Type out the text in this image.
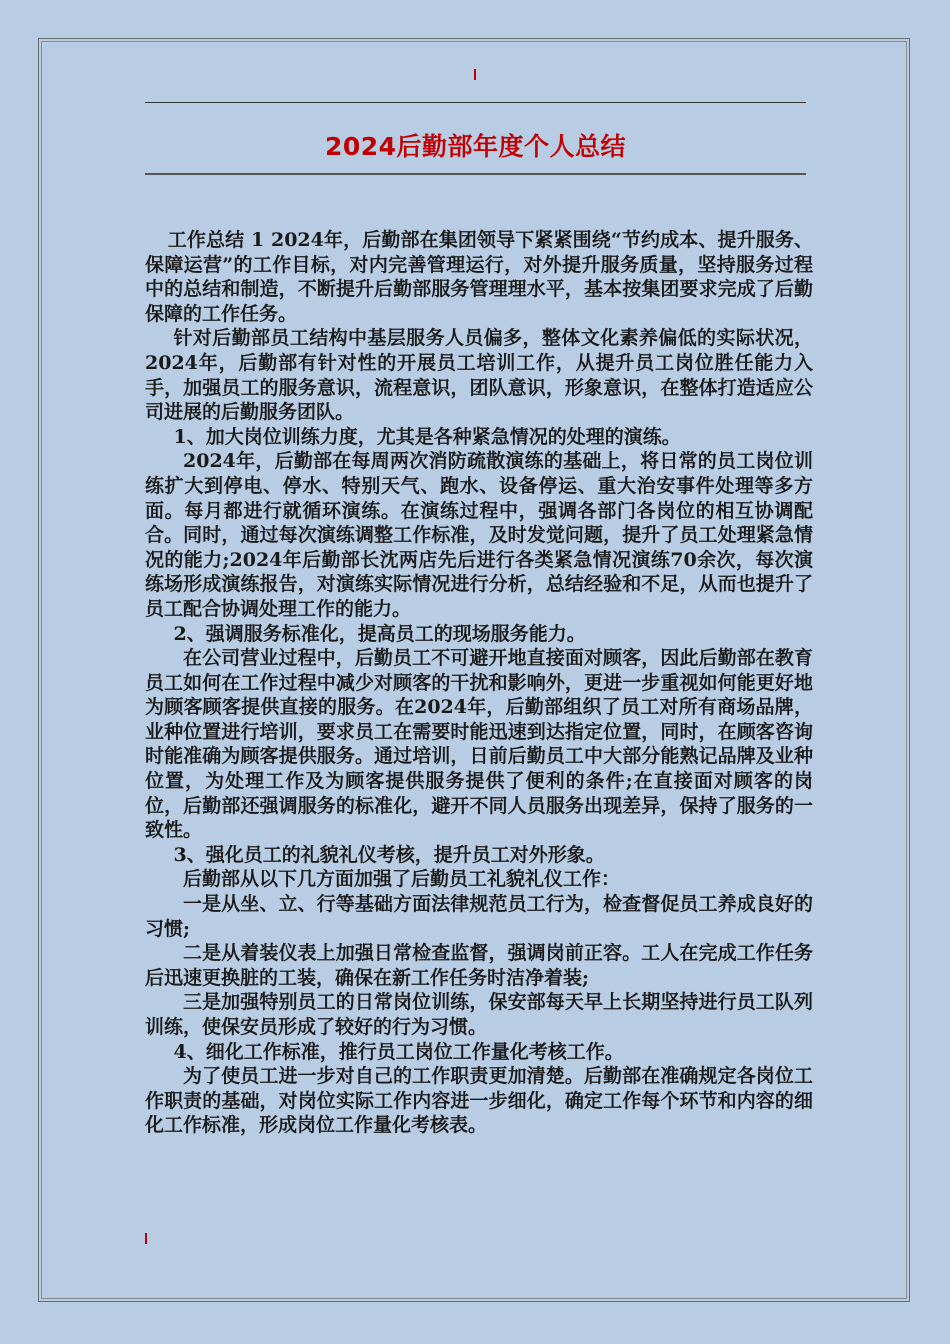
2024后勤部年度个人总结

工作总结 1 2024年，后勤部在集团领导下紧紧围绕“节约成本、提升服务、保障运营”的工作目标，对内完善管理运行，对外提升服务质量，坚持服务过程中的总结和制造，不断提升后勤部服务管理理水平，基本按集团要求完成了后勤保障的工作任务。

针对后勤部员工结构中基层服务人员偏多，整体文化素养偏低的实际状况，2024年，后勤部有针对性的开展员工培训工作，从提升员工岗位胜任能力入手，加强员工的服务意识，流程意识，团队意识，形象意识，在整体打造适应公司进展的后勤服务团队。

1、加大岗位训练力度，尤其是各种紧急情况的处理的演练。

2024年，后勤部在每周两次消防疏散演练的基础上，将日常的员工岗位训练扩大到停电、停水、特别天气、跑水、设备停运、重大治安事件处理等多方面。每月都进行就循环演练。在演练过程中，强调各部门各岗位的相互协调配合。同时，通过每次演练调整工作标准，及时发觉问题，提升了员工处理紧急情况的能力;2024年后勤部长沈两店先后进行各类紧急情况演练70余次，每次演练场形成演练报告，对演练实际情况进行分析，总结经验和不足，从而也提升了员工配合协调处理工作的能力。

2、强调服务标准化，提高员工的现场服务能力。

在公司营业过程中，后勤员工不可避开地直接面对顾客，因此后勤部在教育员工如何在工作过程中减少对顾客的干扰和影响外，更进一步重视如何能更好地为顾客顾客提供直接的服务。在2024年，后勤部组织了员工对所有商场品牌，业种位置进行培训，要求员工在需要时能迅速到达指定位置，同时，在顾客咨询时能准确为顾客提供服务。通过培训，日前后勤员工中大部分能熟记品牌及业种位置，为处理工作及为顾客提供服务提供了便利的条件;在直接面对顾客的岗位，后勤部还强调服务的标准化，避开不同人员服务出现差异，保持了服务的一致性。

3、强化员工的礼貌礼仪考核，提升员工对外形象。

后勤部从以下几方面加强了后勤员工礼貌礼仪工作：

一是从坐、立、行等基础方面法律规范员工行为，检查督促员工养成良好的习惯;

二是从着装仪表上加强日常检查监督，强调岗前正容。工人在完成工作任务后迅速更换脏的工装，确保在新工作任务时洁净着装;

三是加强特别员工的日常岗位训练，保安部每天早上长期坚持进行员工队列训练，使保安员形成了较好的行为习惯。

4、细化工作标准，推行员工岗位工作量化考核工作。

为了使员工进一步对自己的工作职责更加清楚。后勤部在准确规定各岗位工作职责的基础，对岗位实际工作内容进一步细化，确定工作每个环节和内容的细化工作标准，形成岗位工作量化考核表。
